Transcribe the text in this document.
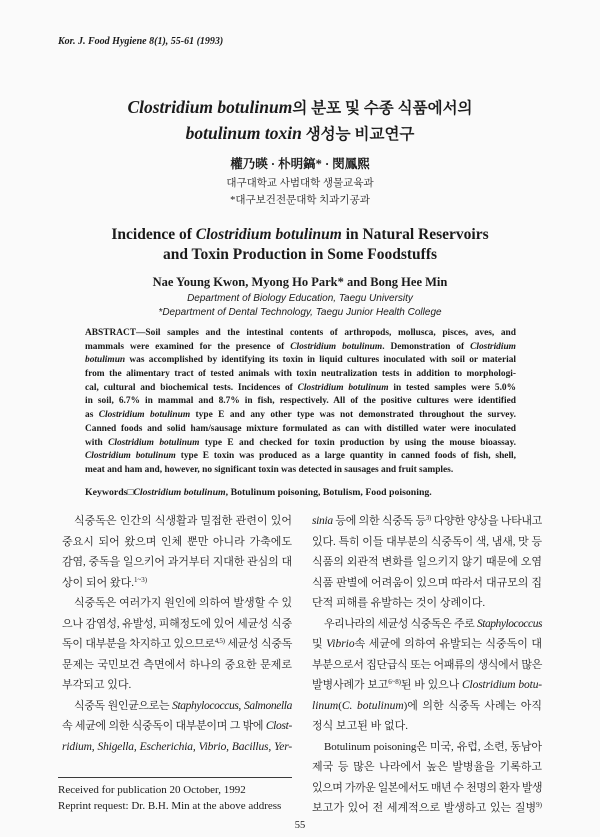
Kor. J. Food Hygiene 8(1), 55-61 (1993)
Clostridium botulinum의 분포 및 수종 식품에서의
botulinum toxin 생성능 비교연구
權乃暎 · 朴明鎬* · 閔鳳熙
대구대학교 사범대학 생물교육과
*대구보건전문대학 치과기공과
Incidence of Clostridium botulinum in Natural Reservoirs
and Toxin Production in Some Foodstuffs
Nae Young Kwon, Myong Ho Park* and Bong Hee Min
Department of Biology Education, Taegu University
*Department of Dental Technology, Taegu Junior Health College
ABSTRACT—Soil samples and the intestinal contents of arthropods, mollusca, pisces, aves, and
mammals were examined for the presence of Clostridium botulinum. Demonstration of Clostridium
botulimun was accomplished by identifying its toxin in liquid cultures inoculated with soil or material
from the alimentary tract of tested animals with toxin neutralization tests in addition to morphologi-
cal, cultural and biochemical tests. Incidences of Clostridium botulinum in tested samples were 5.0%
in soil, 6.7% in mammal and 8.7% in fish, respectively. All of the positive cultures were identified
as Clostridium botulinum type E and any other type was not demonstrated throughout the survey.
Canned foods and solid ham/sausage mixture formulated as can with distilled water were inoculated
with Clostridium botulinum type E and checked for toxin production by using the mouse bioassay.
Clostridium botulinum type E toxin was produced as a large quantity in canned foods of fish, shell,
meat and ham and, however, no significant toxin was detected in sausages and fruit samples.
Keywords□Clostridium botulinum, Botulinum poisoning, Botulism, Food poisoning.
식중독은 인간의 식생활과 밀접한 관련이 있어
중요시 되어 왔으며 인체 뿐만 아니라 가축에도
감염, 중독을 일으키어 과거부터 지대한 관심의 대
상이 되어 왔다.$^{1\sim 3)}$
식중독은 여러가지 원인에 의하여 발생할 수 있
으나 감염성, 유발성, 피해정도에 있어 세균성 식중
독이 대부분을 차지하고 있으므로$^{4,5)}$ 세균성 식중독
문제는 국민보건 측면에서 하나의 중요한 문제로
부각되고 있다.
식중독 원인균으로는 Staphylococcus, Salmonella
속 세균에 의한 식중독이 대부분이며 그 밖에 Clost-
ridium, Shigella, Escherichia, Vibrio, Bacillus, Yer-
sinia 등에 의한 식중독 등$^{3)}$ 다양한 양상을 나타내고
있다. 특히 이들 대부분의 식중독이 색, 냄새, 맛 등
식품의 외관적 변화를 일으키지 않기 때문에 오염
식품 판별에 어려움이 있으며 따라서 대규모의 집
단적 피해를 유발하는 것이 상례이다.
우리나라의 세균성 식중독은 주로 Staphylococcus
및 Vibrio속 세균에 의하여 유발되는 식중독이 대
부분으로서 집단급식 또는 어패류의 생식에서 많은
발병사례가 보고$^{6\sim 8)}$된 바 있으나 Clostridium botu-
linum(C. botulinum)에 의한 식중독 사례는 아직
정식 보고된 바 없다.
Botulinum poisoning은 미국, 유럽, 소련, 동남아
제국 등 많은 나라에서 높은 발병율을 기록하고
있으며 가까운 일본에서도 매년 수 천명의 환자 발생
보고가 있어 전 세계적으로 발생하고 있는 질병$^{9)}$
Received for publication 20 October, 1992
Reprint request: Dr. B.H. Min at the above address
55
